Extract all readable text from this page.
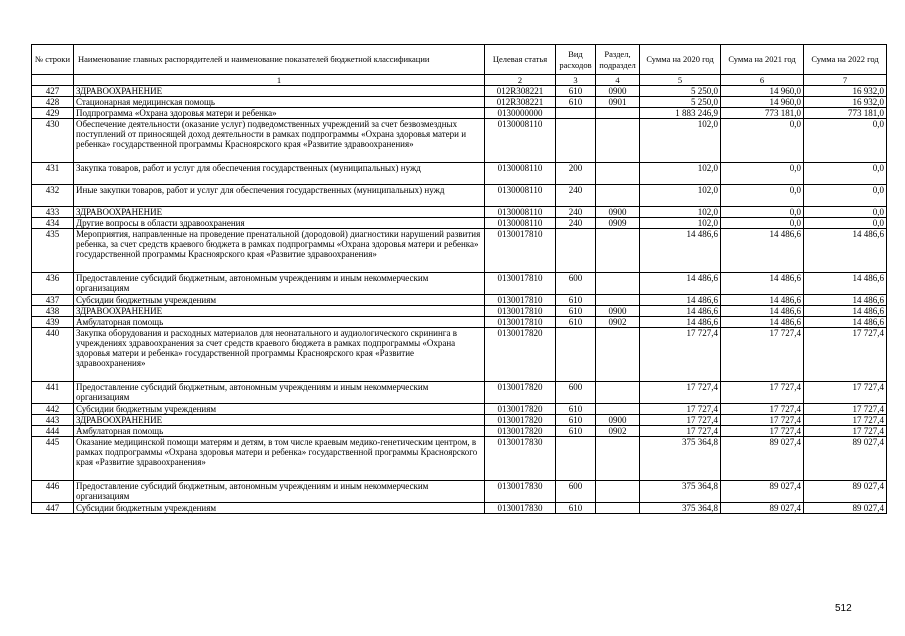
№ строки	Наименование главных распорядителей и наименование показателей бюджетной классификации	Целевая статья	Вид расходов	Раздел, подраздел	Сумма на 2020 год	Сумма на 2021 год	Сумма на 2022 год
	1	2	3	4	5	6	7
427	ЗДРАВООХРАНЕНИЕ	012R308221	610	0900	5 250,0	14 960,0	16 932,0
428	Стационарная медицинская помощь	012R308221	610	0901	5 250,0	14 960,0	16 932,0
429	Подпрограмма «Охрана здоровья матери и ребенка»	0130000000			1 883 246,9	773 181,0	773 181,0
430	Обеспечение деятельности (оказание услуг) подведомственных учреждений за счет безвозмездных поступлений от приносящей доход деятельности в рамках подпрограммы «Охрана здоровья матери и ребенка» государственной программы Красноярского края «Развитие здравоохранения»	0130008110			102,0	0,0	0,0
431	Закупка товаров, работ и услуг для обеспечения государственных (муниципальных) нужд	0130008110	200		102,0	0,0	0,0
432	Иные закупки товаров, работ и услуг для обеспечения государственных (муниципальных) нужд	0130008110	240		102,0	0,0	0,0
433	ЗДРАВООХРАНЕНИЕ	0130008110	240	0900	102,0	0,0	0,0
434	Другие вопросы в области здравоохранения	0130008110	240	0909	102,0	0,0	0,0
435	Мероприятия, направленные на проведение пренатальной (дородовой) диагностики нарушений развития ребенка, за счет средств краевого бюджета в рамках подпрограммы «Охрана здоровья матери и ребенка» государственной программы Красноярского края «Развитие здравоохранения»	0130017810			14 486,6	14 486,6	14 486,6
436	Предоставление субсидий бюджетным, автономным учреждениям и иным некоммерческим организациям	0130017810	600		14 486,6	14 486,6	14 486,6
437	Субсидии бюджетным учреждениям	0130017810	610		14 486,6	14 486,6	14 486,6
438	ЗДРАВООХРАНЕНИЕ	0130017810	610	0900	14 486,6	14 486,6	14 486,6
439	Амбулаторная помощь	0130017810	610	0902	14 486,6	14 486,6	14 486,6
440	Закупка оборудования и расходных материалов для неонатального и аудиологического скрининга в учреждениях здравоохранения за счет средств краевого бюджета в рамках подпрограммы «Охрана здоровья матери и ребенка» государственной программы Красноярского края «Развитие здравоохранения»	0130017820			17 727,4	17 727,4	17 727,4
441	Предоставление субсидий бюджетным, автономным учреждениям и иным некоммерческим организациям	0130017820	600		17 727,4	17 727,4	17 727,4
442	Субсидии бюджетным учреждениям	0130017820	610		17 727,4	17 727,4	17 727,4
443	ЗДРАВООХРАНЕНИЕ	0130017820	610	0900	17 727,4	17 727,4	17 727,4
444	Амбулаторная помощь	0130017820	610	0902	17 727,4	17 727,4	17 727,4
445	Оказание медицинской помощи матерям и детям, в том числе краевым медико-генетическим центром, в рамках подпрограммы «Охрана здоровья матери и ребенка» государственной программы Красноярского края «Развитие здравоохранения»	0130017830			375 364,8	89 027,4	89 027,4
446	Предоставление субсидий бюджетным, автономным учреждениям и иным некоммерческим организациям	0130017830	600		375 364,8	89 027,4	89 027,4
447	Субсидии бюджетным учреждениям	0130017830	610		375 364,8	89 027,4	89 027,4
512
